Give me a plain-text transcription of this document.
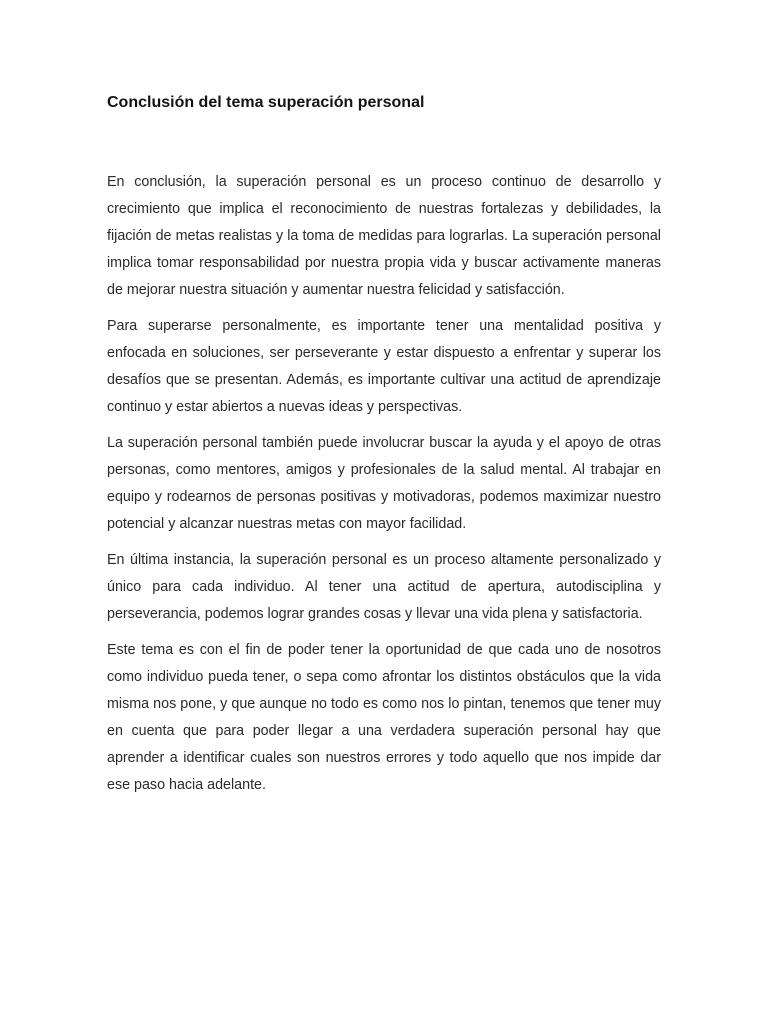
Conclusión del tema superación personal

En conclusión, la superación personal es un proceso continuo de desarrollo y crecimiento que implica el reconocimiento de nuestras fortalezas y debilidades, la fijación de metas realistas y la toma de medidas para lograrlas. La superación personal implica tomar responsabilidad por nuestra propia vida y buscar activamente maneras de mejorar nuestra situación y aumentar nuestra felicidad y satisfacción.

Para superarse personalmente, es importante tener una mentalidad positiva y enfocada en soluciones, ser perseverante y estar dispuesto a enfrentar y superar los desafíos que se presentan. Además, es importante cultivar una actitud de aprendizaje continuo y estar abiertos a nuevas ideas y perspectivas.

La superación personal también puede involucrar buscar la ayuda y el apoyo de otras personas, como mentores, amigos y profesionales de la salud mental. Al trabajar en equipo y rodearnos de personas positivas y motivadoras, podemos maximizar nuestro potencial y alcanzar nuestras metas con mayor facilidad.

En última instancia, la superación personal es un proceso altamente personalizado y único para cada individuo. Al tener una actitud de apertura, autodisciplina y perseverancia, podemos lograr grandes cosas y llevar una vida plena y satisfactoria.

Este tema es con el fin de poder tener la oportunidad de que cada uno de nosotros como individuo pueda tener, o sepa como afrontar los distintos obstáculos que la vida misma nos pone, y que aunque no todo es como nos lo pintan, tenemos que tener muy en cuenta que para poder llegar a una verdadera superación personal hay que aprender a identificar cuales son nuestros errores y todo aquello que nos impide dar ese paso hacia adelante.
